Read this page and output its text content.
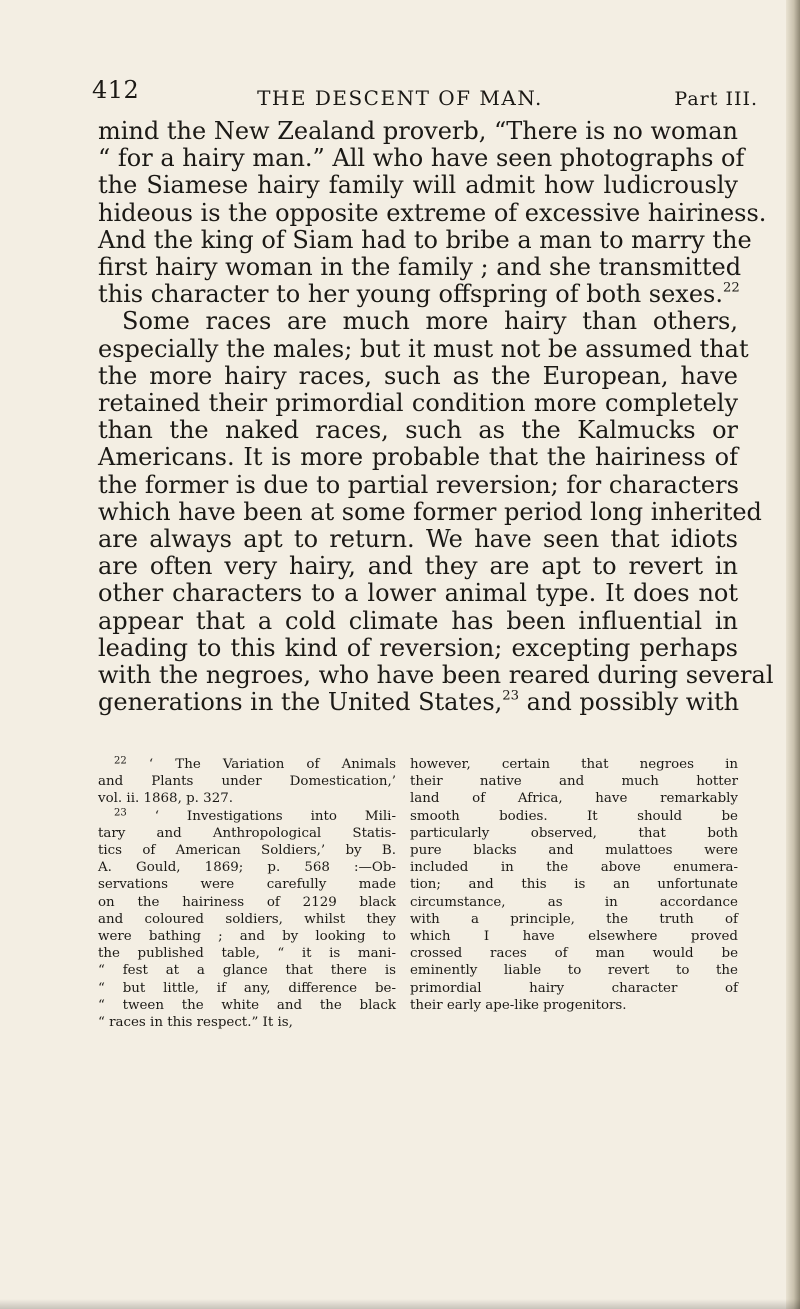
412	THE DESCENT OF MAN.	Part III.
mind the New Zealand proverb, “There is no woman
“ for a hairy man.” All who have seen photographs of
the Siamese hairy family will admit how ludicrously
hideous is the opposite extreme of excessive hairiness.
And the king of Siam had to bribe a man to marry the
first hairy woman in the family ; and she transmitted
this character to her young offspring of both sexes.$^{22}$
Some races are much more hairy than others,
especially the males; but it must not be assumed that
the more hairy races, such as the European, have
retained their primordial condition more completely
than the naked races, such as the Kalmucks or
Americans. It is more probable that the hairiness of
the former is due to partial reversion; for characters
which have been at some former period long inherited
are always apt to return. We have seen that idiots
are often very hairy, and they are apt to revert in
other characters to a lower animal type. It does not
appear that a cold climate has been influential in
leading to this kind of reversion; excepting perhaps
with the negroes, who have been reared during several
generations in the United States,$^{23}$ and possibly with
$^{22}$ ‘ The Variation of Animals
and Plants under Domestication,’
vol. ii. 1868, p. 327.
$^{23}$ ‘ Investigations into Mili-
tary and Anthropological Statis-
tics of American Soldiers,’ by B.
A. Gould, 1869; p. 568 :—Ob-
servations were carefully made
on the hairiness of 2129 black
and coloured soldiers, whilst they
were bathing ; and by looking to
the published table, “ it is mani-
“ fest at a glance that there is
“ but little, if any, difference be-
“ tween the white and the black
“ races in this respect.” It is,
however, certain that negroes in
their native and much hotter
land of Africa, have remarkably
smooth bodies. It should be
particularly observed, that both
pure blacks and mulattoes were
included in the above enumera-
tion; and this is an unfortunate
circumstance, as in accordance
with a principle, the truth of
which I have elsewhere proved
crossed races of man would be
eminently liable to revert to the
primordial hairy character of
their early ape-like progenitors.
